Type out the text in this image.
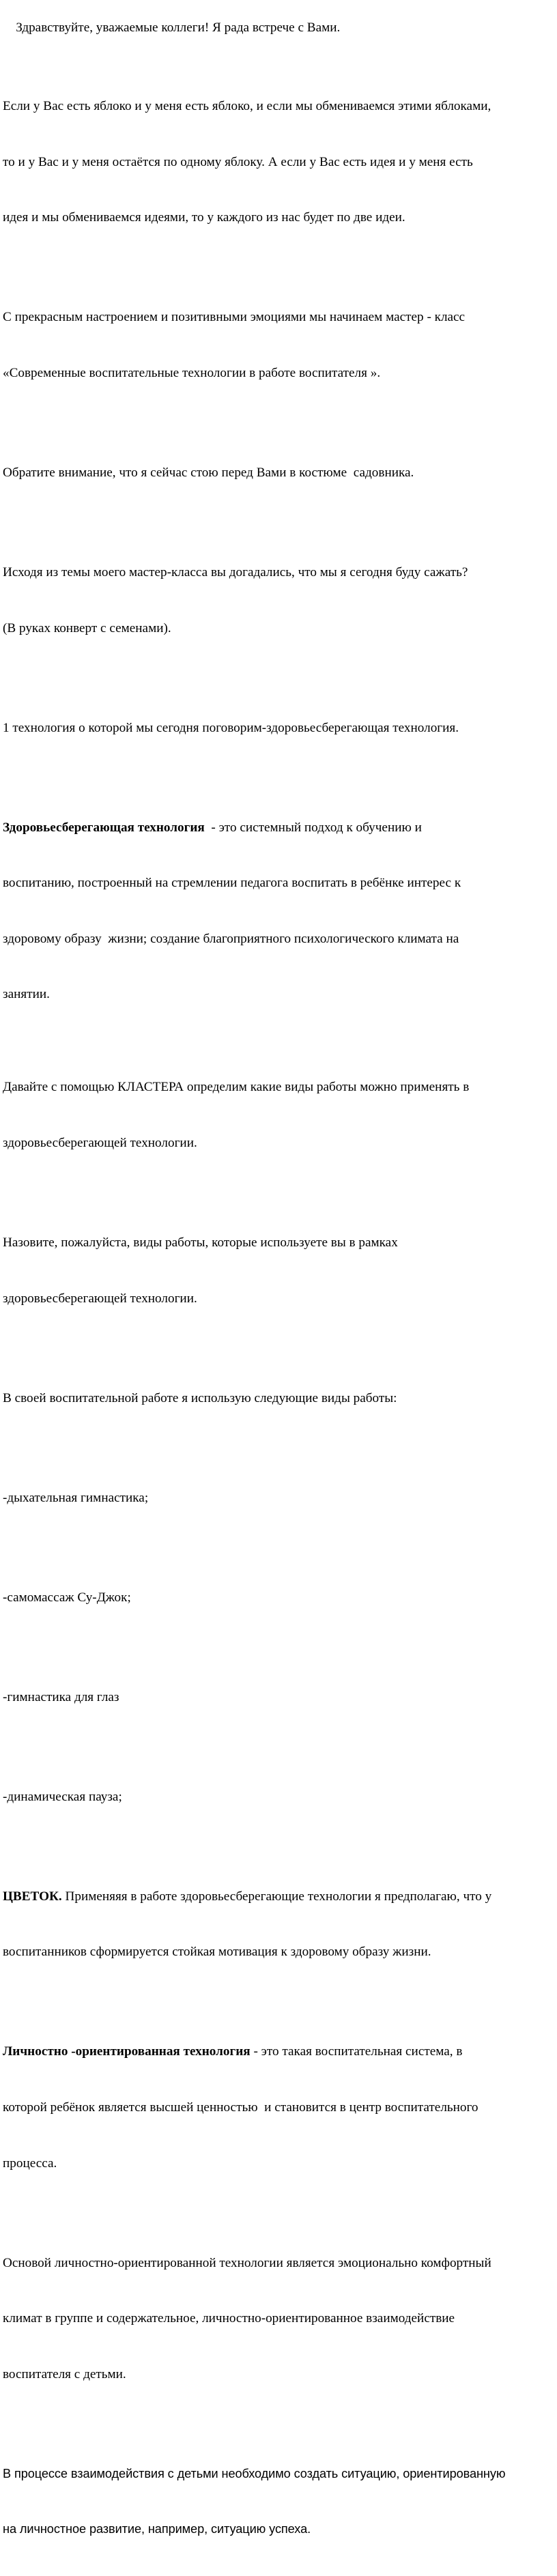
Здравствуйте, уважаемые коллеги! Я рада встрече с Вами.

Если у Вас есть яблоко и у меня есть яблоко, и если мы обмениваемся этими яблоками,

то и у Вас и у меня остаётся по одному яблоку. А если у Вас есть идея и у меня есть

идея и мы обмениваемся идеями, то у каждого из нас будет по две идеи.

С прекрасным настроением и позитивными эмоциями мы начинаем мастер - класс

«Современные воспитательные технологии в работе воспитателя ».

Обратите внимание, что я сейчас стою перед Вами в костюме  садовника.

Исходя из темы моего мастер-класса вы догадались, что мы я сегодня буду сажать?

(В руках конверт с семенами).

1 технология о которой мы сегодня поговорим-здоровьесберегающая технология.

Здоровьесберегающая технология  - это системный подход к обучению и

воспитанию, построенный на стремлении педагога воспитать в ребёнке интерес к

здоровому образу  жизни; создание благоприятного психологического климата на

занятии.

Давайте с помощью КЛАСТЕРА определим какие виды работы можно применять в

здоровьесберегающей технологии.

Назовите, пожалуйста, виды работы, которые используете вы в рамках

здоровьесберегающей технологии.

В своей воспитательной работе я использую следующие виды работы:

-дыхательная гимнастика;

-самомассаж Су-Джок;

-гимнастика для глаз

-динамическая пауза;

ЦВЕТОК. Применяяя в работе здоровьесберегающие технологии я предполагаю, что у

воспитанников сформируется стойкая мотивация к здоровому образу жизни.

Личностно -ориентированная технология - это такая воспитательная система, в

которой ребёнок является высшей ценностью  и становится в центр воспитательного

процесса.

Основой личностно-ориентированной технологии является эмоционально комфортный

климат в группе и содержательное, личностно-ориентированное взаимодействие

воспитателя с детьми.

В процессе взаимодействия с детьми необходимо создать ситуацию, ориентированную

на личностное развитие, например, ситуацию успеха.
